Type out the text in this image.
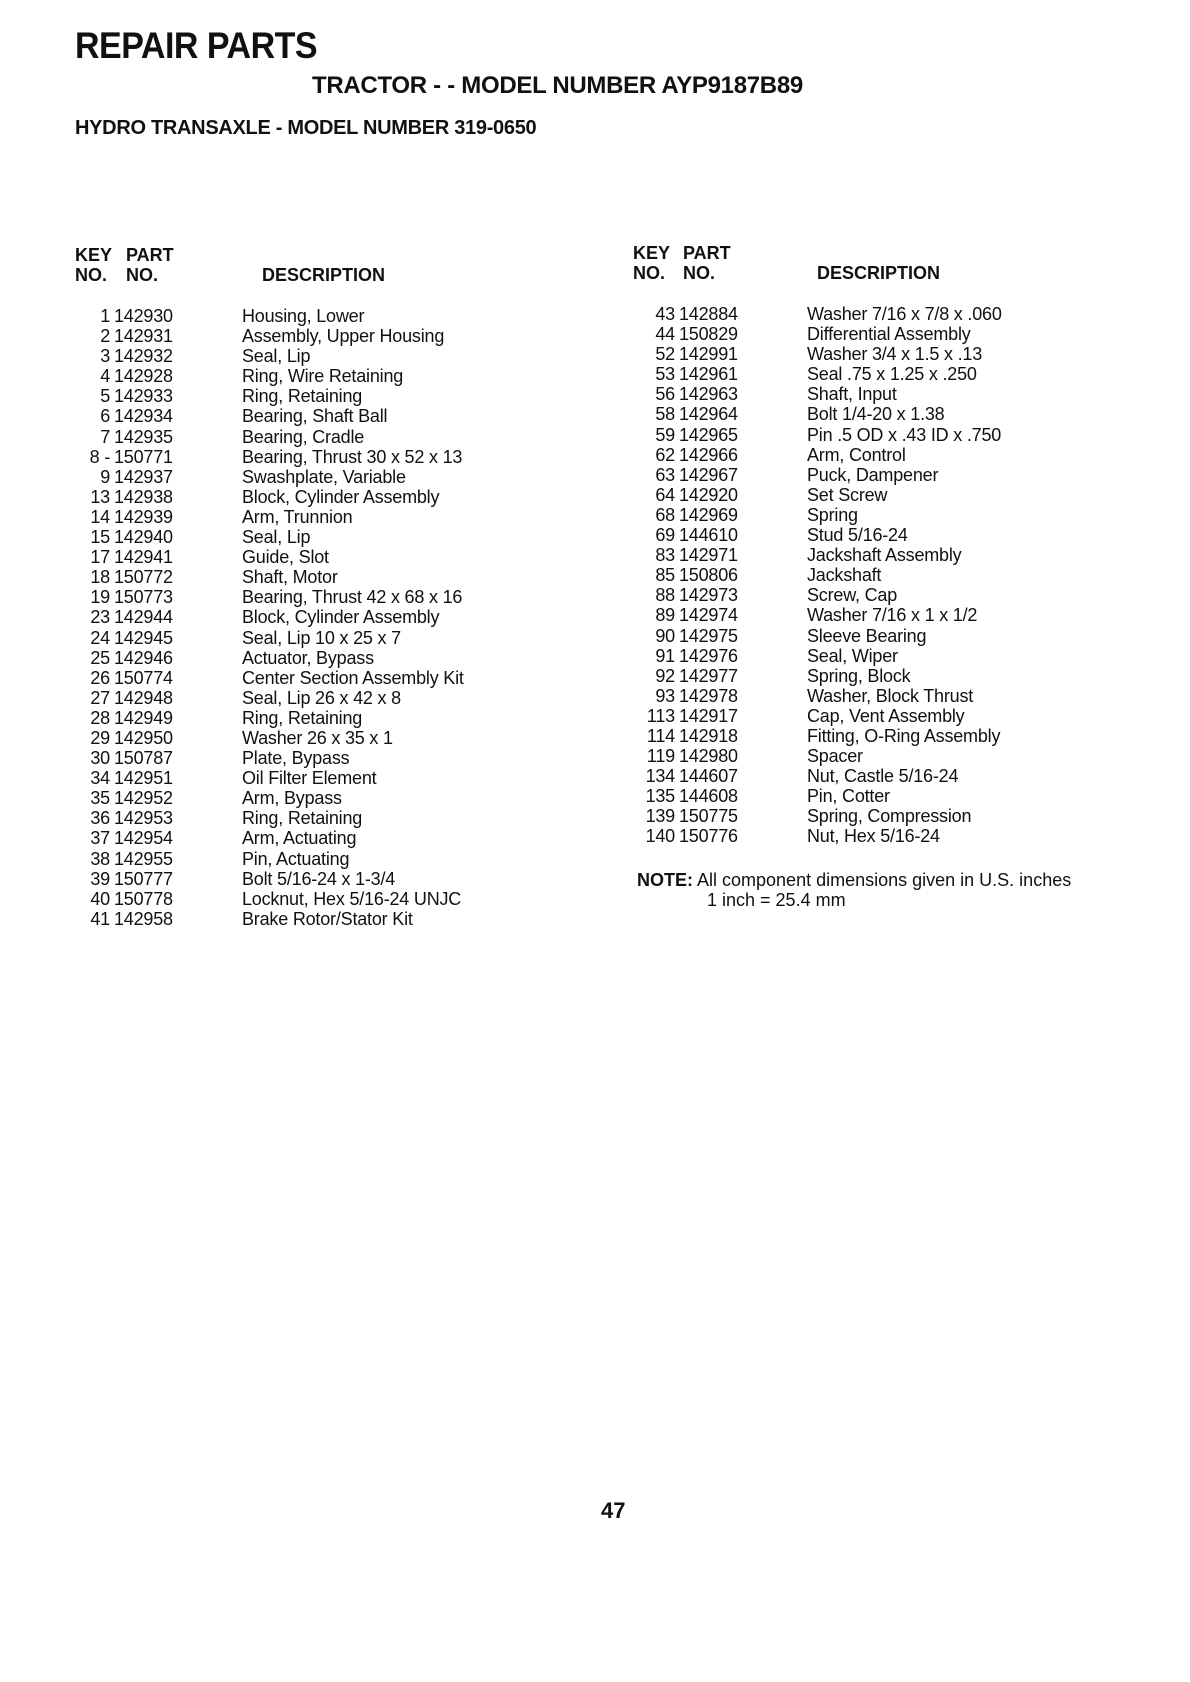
REPAIR PARTS
TRACTOR - - MODEL NUMBER AYP9187B89
HYDRO TRANSAXLE - MODEL NUMBER 319-0650
KEY
NO.
PART
NO.	DESCRIPTION
KEY
NO.
PART
NO.	DESCRIPTION
1 142930	Housing, Lower
2 142931	Assembly, Upper Housing
3 142932	Seal, Lip
4 142928	Ring, Wire Retaining
5 142933	Ring, Retaining
6 142934	Bearing, Shaft Ball
7 142935	Bearing, Cradle
8 - 150771	Bearing, Thrust 30 x 52 x 13
9 142937	Swashplate, Variable
13 142938	Block, Cylinder Assembly
14 142939	Arm, Trunnion
15 142940	Seal, Lip
17 142941	Guide, Slot
18 150772	Shaft, Motor
19 150773	Bearing, Thrust 42 x 68 x 16
23 142944	Block, Cylinder Assembly
24 142945	Seal, Lip 10 x 25 x 7
25 142946	Actuator, Bypass
26 150774	Center Section Assembly Kit
27 142948	Seal, Lip 26 x 42 x 8
28 142949	Ring, Retaining
29 142950	Washer 26 x 35 x 1
30 150787	Plate, Bypass
34 142951	Oil Filter Element
35 142952	Arm, Bypass
36 142953	Ring, Retaining
37 142954	Arm, Actuating
38 142955	Pin, Actuating
39 150777	Bolt 5/16-24 x 1-3/4
40 150778	Locknut, Hex 5/16-24 UNJC
41 142958	Brake Rotor/Stator Kit
43 142884	Washer 7/16 x 7/8 x .060
44 150829	Differential Assembly
52 142991	Washer 3/4 x 1.5 x .13
53 142961	Seal .75 x 1.25 x .250
56 142963	Shaft, Input
58 142964	Bolt 1/4-20 x 1.38
59 142965	Pin .5 OD x .43 ID x .750
62 142966	Arm, Control
63 142967	Puck, Dampener
64 142920	Set Screw
68 142969	Spring
69 144610	Stud 5/16-24
83 142971	Jackshaft Assembly
85 150806	Jackshaft
88 142973	Screw, Cap
89 142974	Washer 7/16 x 1 x 1/2
90 142975	Sleeve Bearing
91 142976	Seal, Wiper
92 142977	Spring, Block
93 142978	Washer, Block Thrust
113 142917	Cap, Vent Assembly
114 142918	Fitting, O-Ring Assembly
119 142980	Spacer
134 144607	Nut, Castle 5/16-24
135 144608	Pin, Cotter
139 150775	Spring, Compression
140 150776	Nut, Hex 5/16-24
NOTE: All component dimensions given in U.S. inches
1 inch = 25.4 mm
47
